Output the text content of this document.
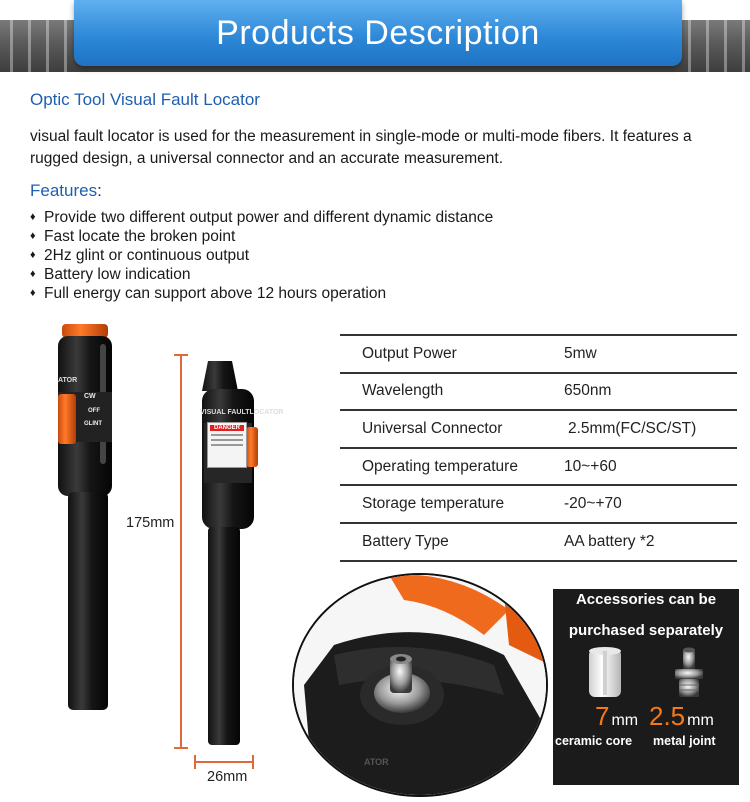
Products Description
Optic Tool Visual Fault Locator

visual fault locator is used for the measurement in single-mode or multi-mode fibers. It features a rugged design, a universal connector and an accurate measurement.

Features:
♦ Provide two different output power and different dynamic distance
♦ Fast locate the broken point
♦ 2Hz glint or continuous output
♦ Battery low indication
♦ Full energy can support above 12 hours operation
ATOR
CW
OFF
GLINT
VISUAL FAULTLOCATOR
DANGER
175mm
26mm
Output Power	5mw
Wavelength	650nm
Universal Connector	2.5mm(FC/SC/ST)
Operating temperature	10~+60
Storage temperature	-20~+70
Battery Type	AA battery *2
ATOR
Accessories can be
purchased separately
7 mm 2.5 mm
ceramic core metal joint
